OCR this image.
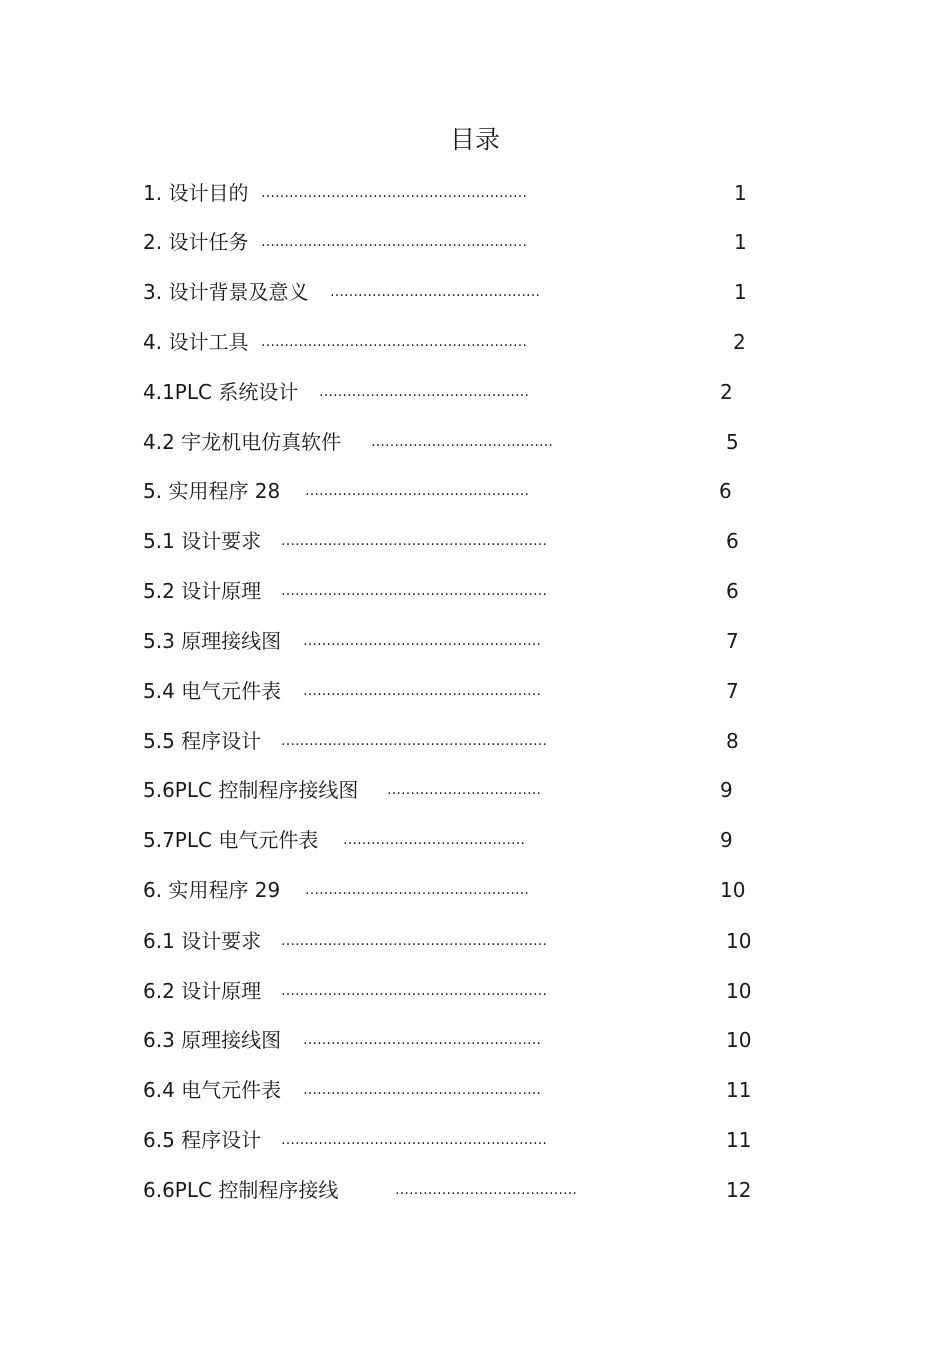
目录
1. 设计目的 …………………………………………………	1
2. 设计任务 …………………………………………………	1
3. 设计背景及意义 ………………………………………	1
4. 设计工具 …………………………………………………	2
4.1PLC 系统设计 ………………………………………	2
4.2 宇龙机电仿真软件 …………………………………	5
5. 实用程序 28 …………………………………………	6
5.1 设计要求 …………………………………………………	6
5.2 设计原理 …………………………………………………	6
5.3 原理接线图 ……………………………………………	7
5.4 电气元件表 ……………………………………………	7
5.5 程序设计 …………………………………………………	8
5.6PLC 控制程序接线图 ……………………………	9
5.7PLC 电气元件表 …………………………………	9
6. 实用程序 29 …………………………………………	10
6.1 设计要求 …………………………………………………	10
6.2 设计原理 …………………………………………………	10
6.3 原理接线图 ……………………………………………	10
6.4 电气元件表 ……………………………………………	11
6.5 程序设计 …………………………………………………	11
6.6PLC 控制程序接线	…………………………………	12
